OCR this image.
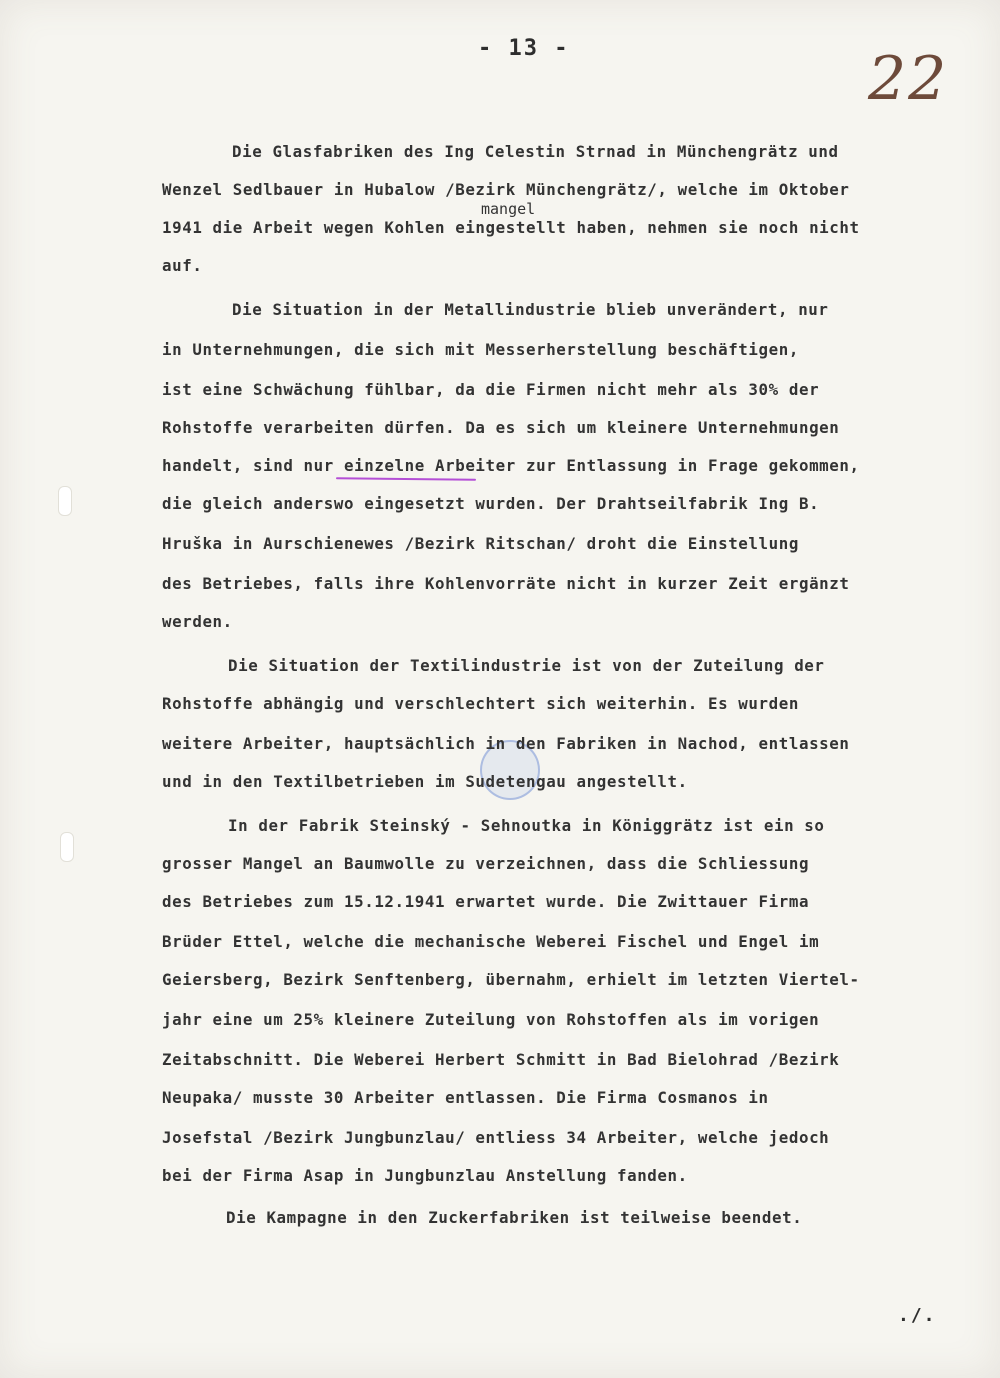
- 13 -	22
Die Glasfabriken des Ing Celestin Strnad in Münchengrätz und
Wenzel Sedlbauer in Hubalow /Bezirk Münchengrätz/, welche im Oktober
mangel
1941 die Arbeit wegen Kohlen eingestellt haben, nehmen sie noch nicht
auf.
Die Situation in der Metallindustrie blieb unverändert, nur
in Unternehmungen, die sich mit Messerherstellung beschäftigen,
ist eine Schwächung fühlbar, da die Firmen nicht mehr als 30% der
Rohstoffe verarbeiten dürfen. Da es sich um kleinere Unternehmungen
handelt, sind nur einzelne Arbeiter zur Entlassung in Frage gekommen,
die gleich anderswo eingesetzt wurden. Der Drahtseilfabrik Ing B.
Hruška in Aurschienewes /Bezirk Ritschan/ droht die Einstellung
des Betriebes, falls ihre Kohlenvorräte nicht in kurzer Zeit ergänzt
werden.
Die Situation der Textilindustrie ist von der Zuteilung der
Rohstoffe abhängig und verschlechtert sich weiterhin. Es wurden
weitere Arbeiter, hauptsächlich in den Fabriken in Nachod, entlassen
und in den Textilbetrieben im Sudetengau angestellt.
In der Fabrik Steinský - Sehnoutka in Königgrätz ist ein so
grosser Mangel an Baumwolle zu verzeichnen, dass die Schliessung
des Betriebes zum 15.12.1941 erwartet wurde. Die Zwittauer Firma
Brüder Ettel, welche die mechanische Weberei Fischel und Engel im
Geiersberg, Bezirk Senftenberg, übernahm, erhielt im letzten Viertel-
jahr eine um 25% kleinere Zuteilung von Rohstoffen als im vorigen
Zeitabschnitt. Die Weberei Herbert Schmitt in Bad Bielohrad /Bezirk
Neupaka/ musste 30 Arbeiter entlassen. Die Firma Cosmanos in
Josefstal /Bezirk Jungbunzlau/ entliess 34 Arbeiter, welche jedoch
bei der Firma Asap in Jungbunzlau Anstellung fanden.
Die Kampagne in den Zuckerfabriken ist teilweise beendet.
./.
